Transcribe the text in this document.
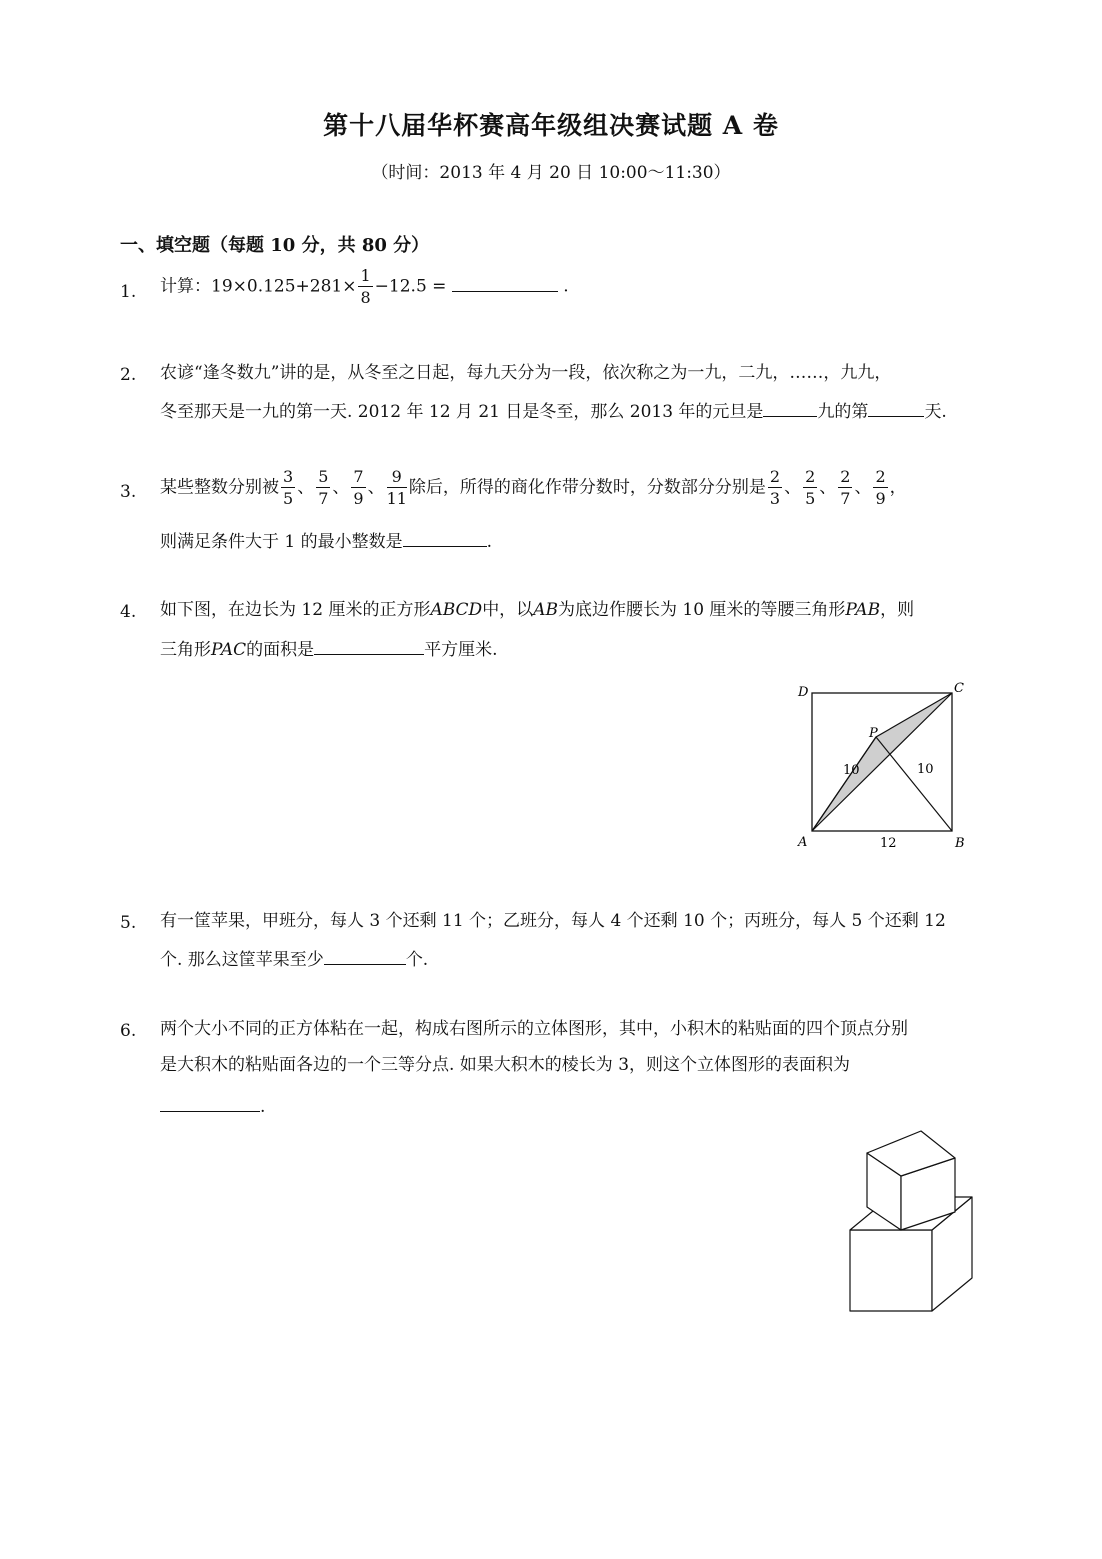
第十八届华杯赛高年级组决赛试题 A 卷
（时间：2013 年 4 月 20 日 10:00～11:30）
一、填空题（每题 10 分，共 80 分）
1. 计算：$19\times 0.125+281\times \frac{1}{8} -12.5$ =	.
2. 农谚“逢冬数九”讲的是，从冬至之日起，每九天分为一段，依次称之为一九，二九，……，九九，
冬至那天是一九的第一天. 2012 年 12 月 21 日是冬至，那么 2013 年的元旦是	九的第	天.
3. 某些整数分别被 $\frac{3}{5}$ 、 $\frac{5}{7}$ 、 $\frac{7}{9}$ 、 $\frac{9}{11}$ 除后，所得的商化作带分数时，分数部分分别是 $\frac{2}{3}$ 、 $\frac{2}{5}$ 、 $\frac{2}{7}$ 、 $\frac{2}{9}$ ，
则满足条件大于 1 的最小整数是	.
4. 如下图，在边长为 12 厘米的正方形ABCD中，以AB为底边作腰长为 10 厘米的等腰三角形PAB，则
三角形PAC的面积是	平方厘米.
D	C
P
A	B
10	10
12
5. 有一筐苹果，甲班分，每人 3 个还剩 11 个；乙班分，每人 4 个还剩 10 个；丙班分，每人 5 个还剩 12
个. 那么这筐苹果至少	个.
6. 两个大小不同的正方体粘在一起，构成右图所示的立体图形，其中，小积木的粘贴面的四个顶点分别
是大积木的粘贴面各边的一个三等分点. 如果大积木的棱长为 3，则这个立体图形的表面积为
.
